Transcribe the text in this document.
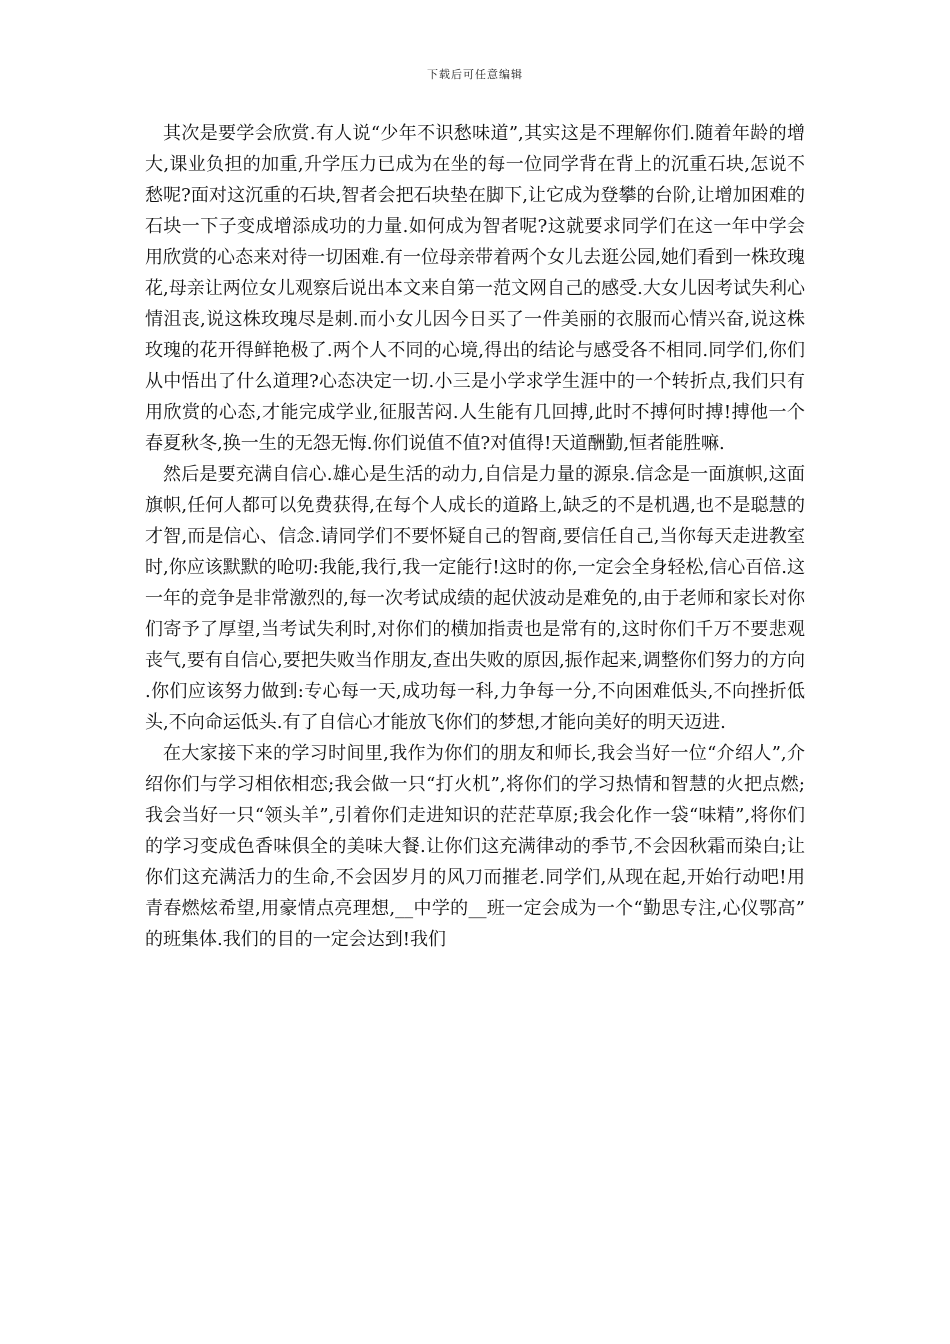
下载后可任意编辑

其次是要学会欣赏.有人说“少年不识愁味道”,其实这是不理解你们.随着年龄的增大,课业负担的加重,升学压力已成为在坐的每一位同学背在背上的沉重石块,怎说不愁呢?面对这沉重的石块,智者会把石块垫在脚下,让它成为登攀的台阶,让增加困难的石块一下子变成增添成功的力量.如何成为智者呢?这就要求同学们在这一年中学会用欣赏的心态来对待一切困难.有一位母亲带着两个女儿去逛公园,她们看到一株玫瑰花,母亲让两位女儿观察后说出本文来自第一范文网自己的感受.大女儿因考试失利心情沮丧,说这株玫瑰尽是刺.而小女儿因今日买了一件美丽的衣服而心情兴奋,说这株玫瑰的花开得鲜艳极了.两个人不同的心境,得出的结论与感受各不相同.同学们,你们从中悟出了什么道理?心态决定一切.小三是小学求学生涯中的一个转折点,我们只有用欣赏的心态,才能完成学业,征服苦闷.人生能有几回搏,此时不搏何时搏!搏他一个春夏秋冬,换一生的无怨无悔.你们说值不值?对值得!天道酬勤,恒者能胜嘛.

然后是要充满自信心.雄心是生活的动力,自信是力量的源泉.信念是一面旗帜,这面旗帜,任何人都可以免费获得,在每个人成长的道路上,缺乏的不是机遇,也不是聪慧的才智,而是信心、信念.请同学们不要怀疑自己的智商,要信任自己,当你每天走进教室时,你应该默默的呛叨:我能,我行,我一定能行!这时的你,一定会全身轻松,信心百倍.这一年的竞争是非常激烈的,每一次考试成绩的起伏波动是难免的,由于老师和家长对你们寄予了厚望,当考试失利时,对你们的横加指责也是常有的,这时你们千万不要悲观丧气,要有自信心,要把失败当作朋友,查出失败的原因,振作起来,调整你们努力的方向.你们应该努力做到:专心每一天,成功每一科,力争每一分,不向困难低头,不向挫折低头,不向命运低头.有了自信心才能放飞你们的梦想,才能向美好的明天迈进.

在大家接下来的学习时间里,我作为你们的朋友和师长,我会当好一位“介绍人”,介绍你们与学习相依相恋;我会做一只“打火机”,将你们的学习热情和智慧的火把点燃;我会当好一只“领头羊”,引着你们走进知识的茫茫草原;我会化作一袋“味精”,将你们的学习变成色香味俱全的美味大餐.让你们这充满律动的季节,不会因秋霜而染白;让你们这充满活力的生命,不会因岁月的风刀而摧老.同学们,从现在起,开始行动吧!用青春燃炫希望,用豪情点亮理想,__中学的__班一定会成为一个“勤思专注,心仪鄂高”的班集体.我们的目的一定会达到!我们
